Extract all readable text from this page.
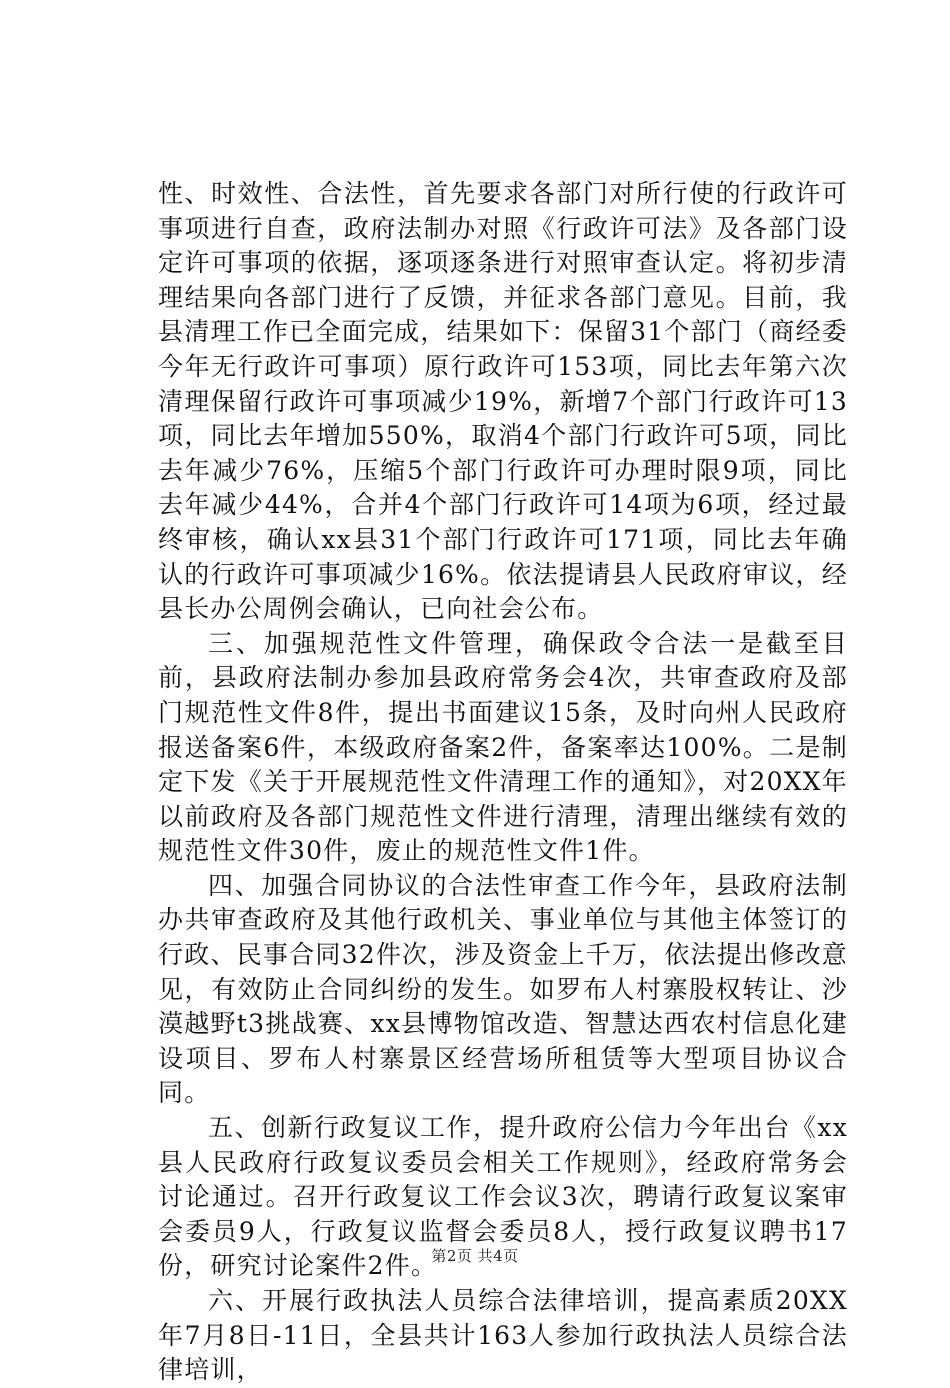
性、时效性、合法性，首先要求各部门对所行使的行政许可事项进行自查，政府法制办对照《行政许可法》及各部门设定许可事项的依据，逐项逐条进行对照审查认定。将初步清理结果向各部门进行了反馈，并征求各部门意见。目前，我县清理工作已全面完成，结果如下：保留31个部门（商经委今年无行政许可事项）原行政许可153项，同比去年第六次清理保留行政许可事项减少19%，新增7个部门行政许可13项，同比去年增加550%，取消4个部门行政许可5项，同比去年减少76%，压缩5个部门行政许可办理时限9项，同比去年减少44%，合并4个部门行政许可14项为6项，经过最终审核，确认xx县31个部门行政许可171项，同比去年确认的行政许可事项减少16%。依法提请县人民政府审议，经县长办公周例会确认，已向社会公布。

三、加强规范性文件管理，确保政令合法一是截至目前，县政府法制办参加县政府常务会4次，共审查政府及部门规范性文件8件，提出书面建议15条，及时向州人民政府报送备案6件，本级政府备案2件，备案率达100%。二是制定下发《关于开展规范性文件清理工作的通知》，对20XX年以前政府及各部门规范性文件进行清理，清理出继续有效的规范性文件30件，废止的规范性文件1件。

四、加强合同协议的合法性审查工作今年，县政府法制办共审查政府及其他行政机关、事业单位与其他主体签订的行政、民事合同32件次，涉及资金上千万，依法提出修改意见，有效防止合同纠纷的发生。如罗布人村寨股权转让、沙漠越野t3挑战赛、xx县博物馆改造、智慧达西农村信息化建设项目、罗布人村寨景区经营场所租赁等大型项目协议合同。

五、创新行政复议工作，提升政府公信力今年出台《xx县人民政府行政复议委员会相关工作规则》，经政府常务会讨论通过。召开行政复议工作会议3次，聘请行政复议案审会委员9人，行政复议监督会委员8人，授行政复议聘书17份，研究讨论案件2件。

六、开展行政执法人员综合法律培训，提高素质20XX年7月8日-11日，全县共计163人参加行政执法人员综合法律培训，

第2页 共4页
